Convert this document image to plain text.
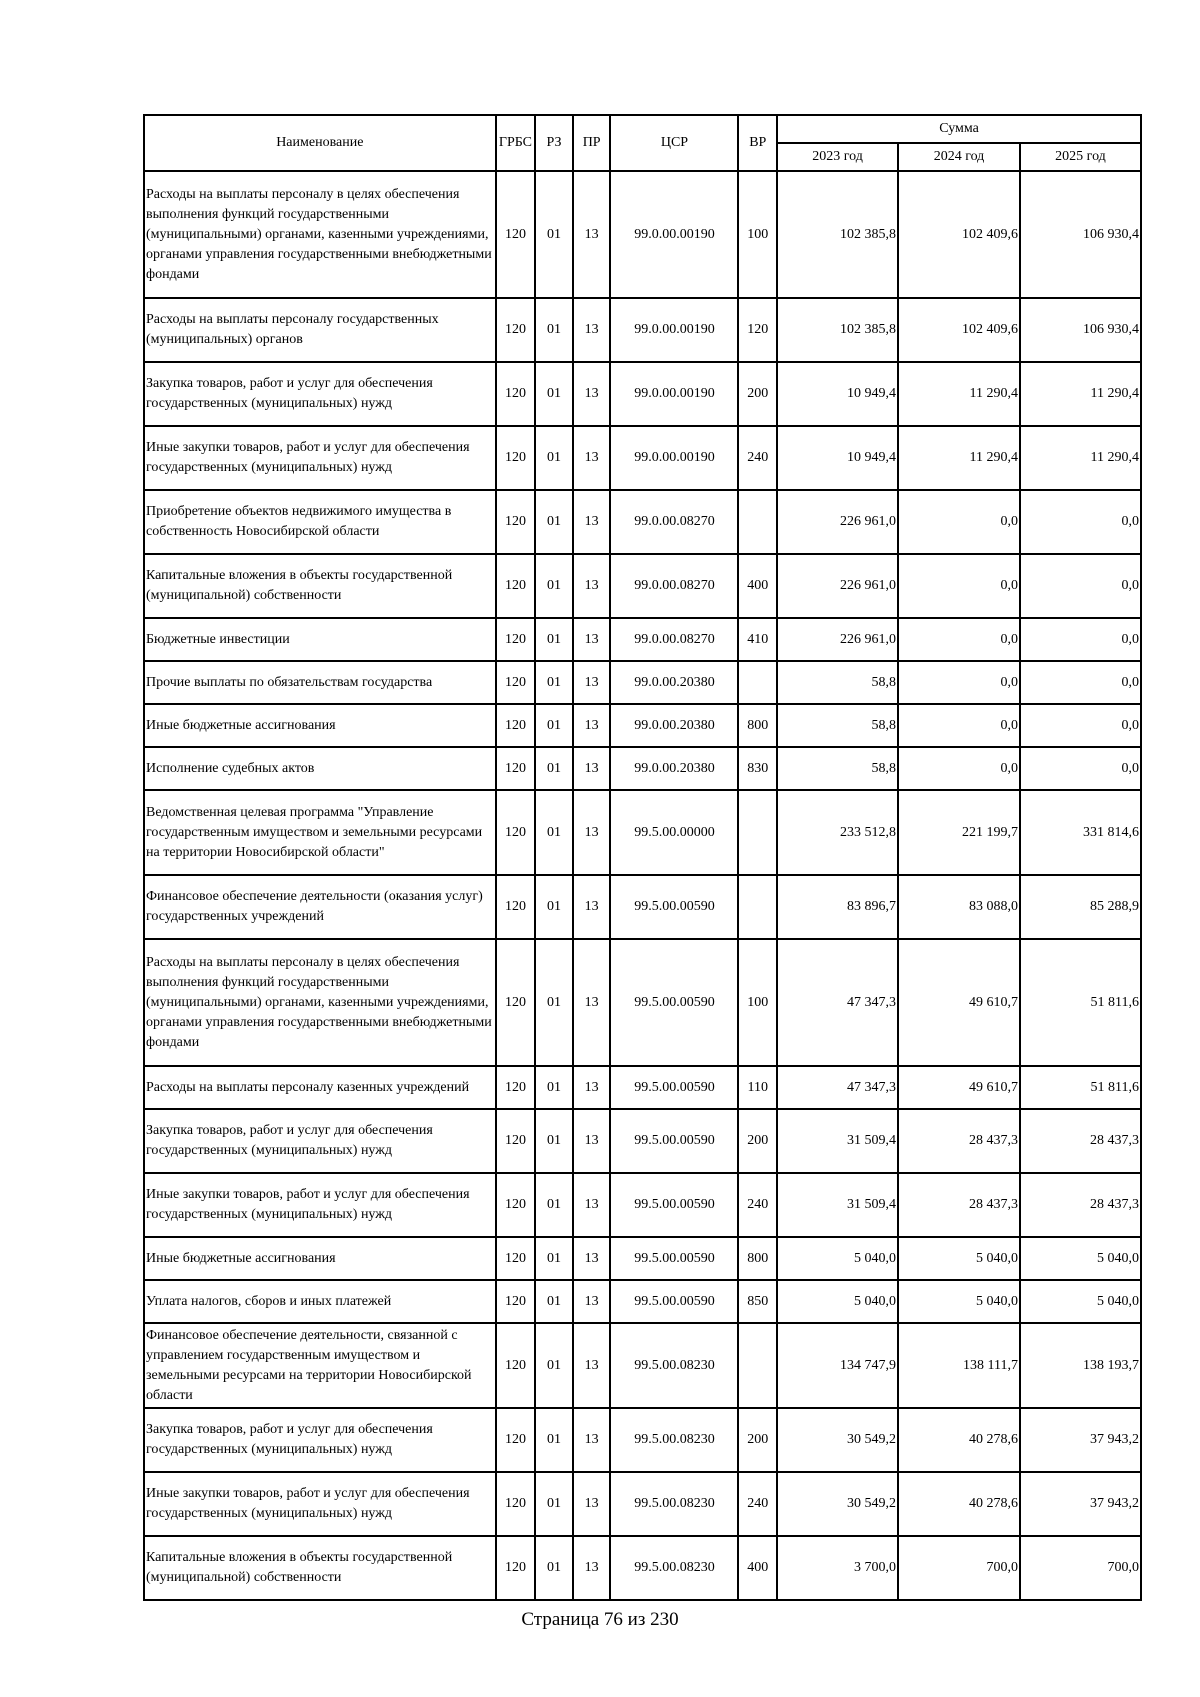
Наименование	ГРБС	РЗ	ПР	ЦСР	ВР	Сумма		
						2023 год	2024 год	2025 год
Расходы на выплаты персоналу в целях обеспечения выполнения функций государственными (муниципальными) органами, казенными учреждениями, органами управления государственными внебюджетными фондами	120	01	13	99.0.00.00190	100	102 385,8	102 409,6	106 930,4
Расходы на выплаты персоналу государственных (муниципальных) органов	120	01	13	99.0.00.00190	120	102 385,8	102 409,6	106 930,4
Закупка товаров, работ и услуг для обеспечения государственных (муниципальных) нужд	120	01	13	99.0.00.00190	200	10 949,4	11 290,4	11 290,4
Иные закупки товаров, работ и услуг для обеспечения государственных (муниципальных) нужд	120	01	13	99.0.00.00190	240	10 949,4	11 290,4	11 290,4
Приобретение объектов недвижимого имущества в собственность Новосибирской области	120	01	13	99.0.00.08270		226 961,0	0,0	0,0
Капитальные вложения в объекты государственной (муниципальной) собственности	120	01	13	99.0.00.08270	400	226 961,0	0,0	0,0
Бюджетные инвестиции	120	01	13	99.0.00.08270	410	226 961,0	0,0	0,0
Прочие выплаты по обязательствам государства	120	01	13	99.0.00.20380		58,8	0,0	0,0
Иные бюджетные ассигнования	120	01	13	99.0.00.20380	800	58,8	0,0	0,0
Исполнение судебных актов	120	01	13	99.0.00.20380	830	58,8	0,0	0,0
Ведомственная целевая программа "Управление государственным имуществом и земельными ресурсами на территории Новосибирской области"	120	01	13	99.5.00.00000		233 512,8	221 199,7	331 814,6
Финансовое обеспечение деятельности (оказания услуг) государственных учреждений	120	01	13	99.5.00.00590		83 896,7	83 088,0	85 288,9
Расходы на выплаты персоналу в целях обеспечения выполнения функций государственными (муниципальными) органами, казенными учреждениями, органами управления государственными внебюджетными фондами	120	01	13	99.5.00.00590	100	47 347,3	49 610,7	51 811,6
Расходы на выплаты персоналу казенных учреждений	120	01	13	99.5.00.00590	110	47 347,3	49 610,7	51 811,6
Закупка товаров, работ и услуг для обеспечения государственных (муниципальных) нужд	120	01	13	99.5.00.00590	200	31 509,4	28 437,3	28 437,3
Иные закупки товаров, работ и услуг для обеспечения государственных (муниципальных) нужд	120	01	13	99.5.00.00590	240	31 509,4	28 437,3	28 437,3
Иные бюджетные ассигнования	120	01	13	99.5.00.00590	800	5 040,0	5 040,0	5 040,0
Уплата налогов, сборов и иных платежей	120	01	13	99.5.00.00590	850	5 040,0	5 040,0	5 040,0
Финансовое обеспечение деятельности, связанной с управлением государственным имуществом и земельными ресурсами на территории Новосибирской области	120	01	13	99.5.00.08230		134 747,9	138 111,7	138 193,7
Закупка товаров, работ и услуг для обеспечения государственных (муниципальных) нужд	120	01	13	99.5.00.08230	200	30 549,2	40 278,6	37 943,2
Иные закупки товаров, работ и услуг для обеспечения государственных (муниципальных) нужд	120	01	13	99.5.00.08230	240	30 549,2	40 278,6	37 943,2
Капитальные вложения в объекты государственной (муниципальной) собственности	120	01	13	99.5.00.08230	400	3 700,0	700,0	700,0
Страница 76 из 230
